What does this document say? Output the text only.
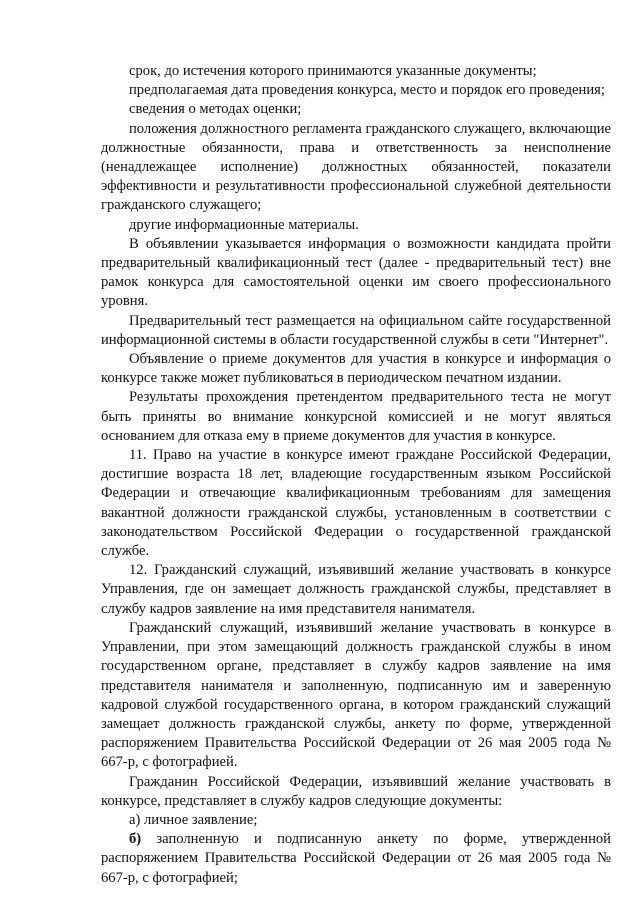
срок, до истечения которого принимаются указанные документы;

предполагаемая дата проведения конкурса, место и порядок его проведения;

сведения о методах оценки;

положения должностного регламента гражданского служащего, включающие должностные обязанности, права и ответственность за неисполнение (ненадлежащее исполнение) должностных обязанностей, показатели эффективности и результативности профессиональной служебной деятельности гражданского служащего;

другие информационные материалы.

В объявлении указывается информация о возможности кандидата пройти предварительный квалификационный тест (далее - предварительный тест) вне рамок конкурса для самостоятельной оценки им своего профессионального уровня.

Предварительный тест размещается на официальном сайте государственной информационной системы в области государственной службы в сети "Интернет".

Объявление о приеме документов для участия в конкурсе и информация о конкурсе также может публиковаться в периодическом печатном издании.

Результаты прохождения претендентом предварительного теста не могут быть приняты во внимание конкурсной комиссией и не могут являться основанием для отказа ему в приеме документов для участия в конкурсе.

11. Право на участие в конкурсе имеют граждане Российской Федерации, достигшие возраста 18 лет, владеющие государственным языком Российской Федерации и отвечающие квалификационным требованиям для замещения вакантной должности гражданской службы, установленным в соответствии с законодательством Российской Федерации о государственной гражданской службе.

12. Гражданский служащий, изъявивший желание участвовать в конкурсе Управления, где он замещает должность гражданской службы, представляет в службу кадров заявление на имя представителя нанимателя.

Гражданский служащий, изъявивший желание участвовать в конкурсе в Управлении, при этом замещающий должность гражданской службы в ином государственном органе, представляет в службу кадров заявление на имя представителя нанимателя и заполненную, подписанную им и заверенную кадровой службой государственного органа, в котором гражданский служащий замещает должность гражданской службы, анкету по форме, утвержденной распоряжением Правительства Российской Федерации от 26 мая 2005 года № 667-р, с фотографией.

Гражданин Российской Федерации, изъявивший желание участвовать в конкурсе, представляет в службу кадров следующие документы:

а) личное заявление;

б) заполненную и подписанную анкету по форме, утвержденной распоряжением Правительства Российской Федерации от 26 мая 2005 года № 667-р, с фотографией;
